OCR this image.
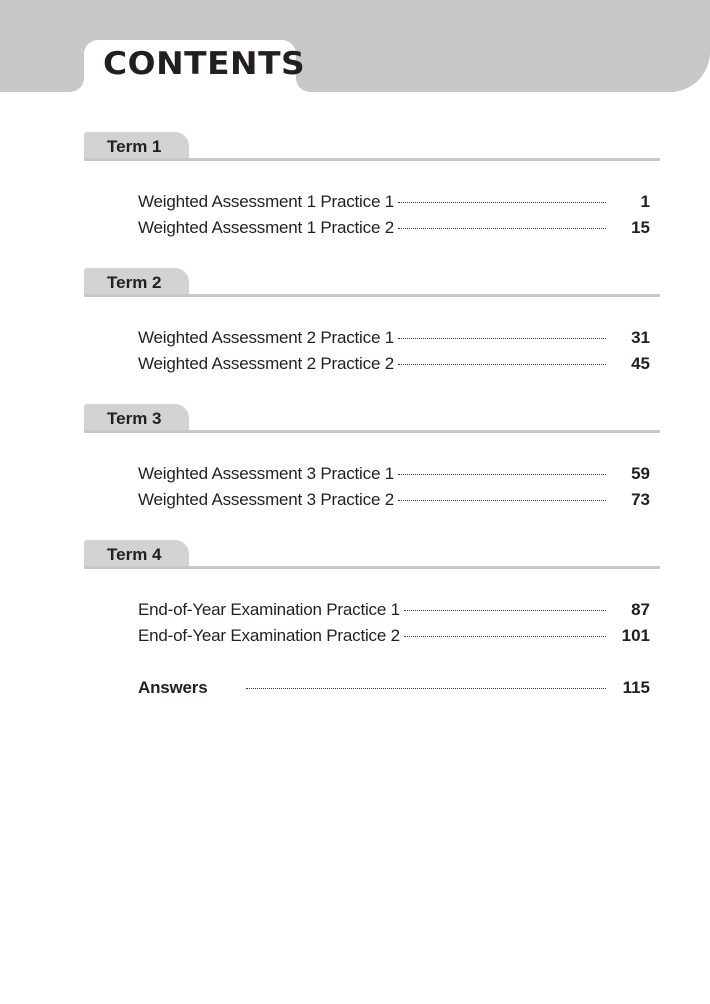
CONTENTS
Term 1
Weighted Assessment 1 Practice 1	1
Weighted Assessment 1 Practice 2	15
Term 2
Weighted Assessment 2 Practice 1	31
Weighted Assessment 2 Practice 2	45
Term 3
Weighted Assessment 3 Practice 1	59
Weighted Assessment 3 Practice 2	73
Term 4
End-of-Year Examination Practice 1	87
End-of-Year Examination Practice 2	101
Answers	115
